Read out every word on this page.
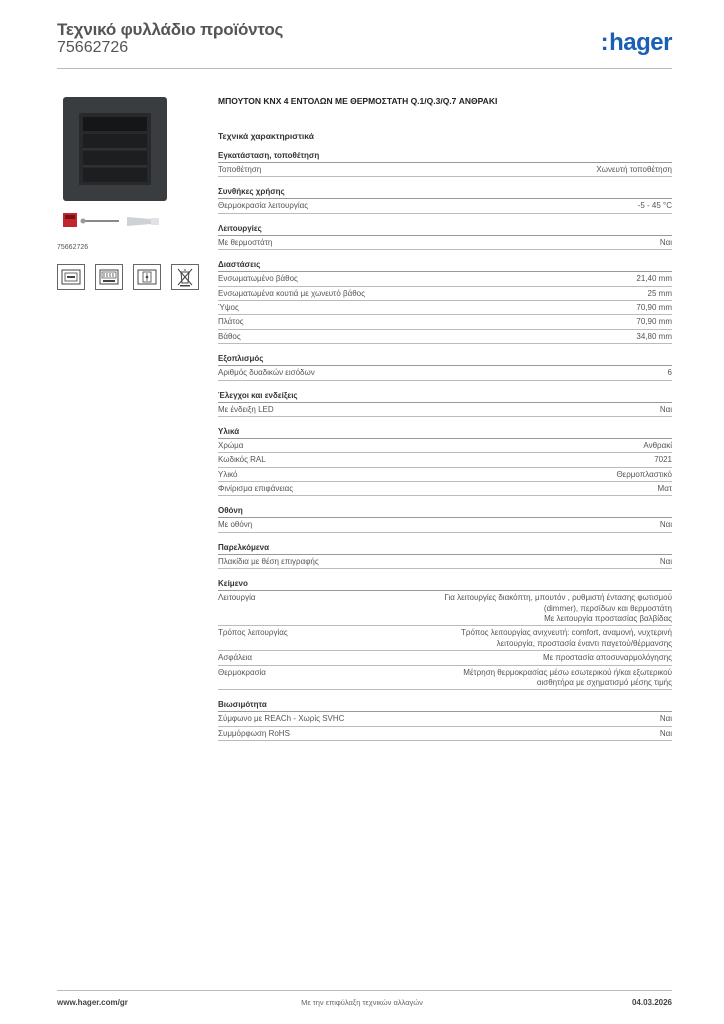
Τεχνικό φυλλάδιο προϊόντος
75662726	:hager
75662726
ΜΠΟΥΤΟΝ KNX 4 ΕΝΤΟΛΩΝ ΜΕ ΘΕΡΜΟΣΤΑΤΗ Q.1/Q.3/Q.7 ΑΝΘΡΑΚΙ
Τεχνικά χαρακτηριστικά
Εγκατάσταση, τοποθέτηση
Τοποθέτηση	Χωνευτή τοποθέτηση
Συνθήκες χρήσης
Θερμοκρασία λειτουργίας	-5 - 45 °C
Λειτουργίες
Με θερμοστάτη	Ναι
Διαστάσεις
Ενσωματωμένο βάθος	21,40 mm
Ενσωματωμένα κουτιά με χωνευτό βάθος	25 mm
Ύψος	70,90 mm
Πλάτος	70,90 mm
Βάθος	34,80 mm
Εξοπλισμός
Αριθμός δυαδικών εισόδων	6
Έλεγχοι και ενδείξεις
Με ένδειξη LED	Ναι
Υλικά
Χρώμα	Ανθρακί
Κωδικός RAL	7021
Υλικό	Θερμοπλαστικό
Φινίρισμα επιφάνειας	Ματ
Οθόνη
Με οθόνη	Ναι
Παρελκόμενα
Πλακίδια με θέση επιγραφής	Ναι
Κείμενο
Λειτουργία	Για λειτουργίες διακόπτη, μπουτόν , ρυθμιστή έντασης φωτισμού
(dimmer), περσίδων και θερμοστάτη
Με λειτουργία προστασίας βαλβίδας
Τρόπος λειτουργίας	Τρόπος λειτουργίας ανιχνευτή: comfort, αναμονή, νυχτερινή
λειτουργία, προστασία έναντι παγετού/θέρμανσης
Ασφάλεια	Με προστασία αποσυναρμολόγησης
Θερμοκρασία	Μέτρηση θερμοκρασίας μέσω εσωτερικού ή/και εξωτερικού
αισθητήρα με σχηματισμό μέσης τιμής
Βιωσιμότητα
Σύμφωνο με REACh - Χωρίς SVHC	Ναι
Συμμόρφωση RoHS	Ναι
www.hager.com/gr	Με την επιφύλαξη τεχνικών αλλαγών	04.03.2026
